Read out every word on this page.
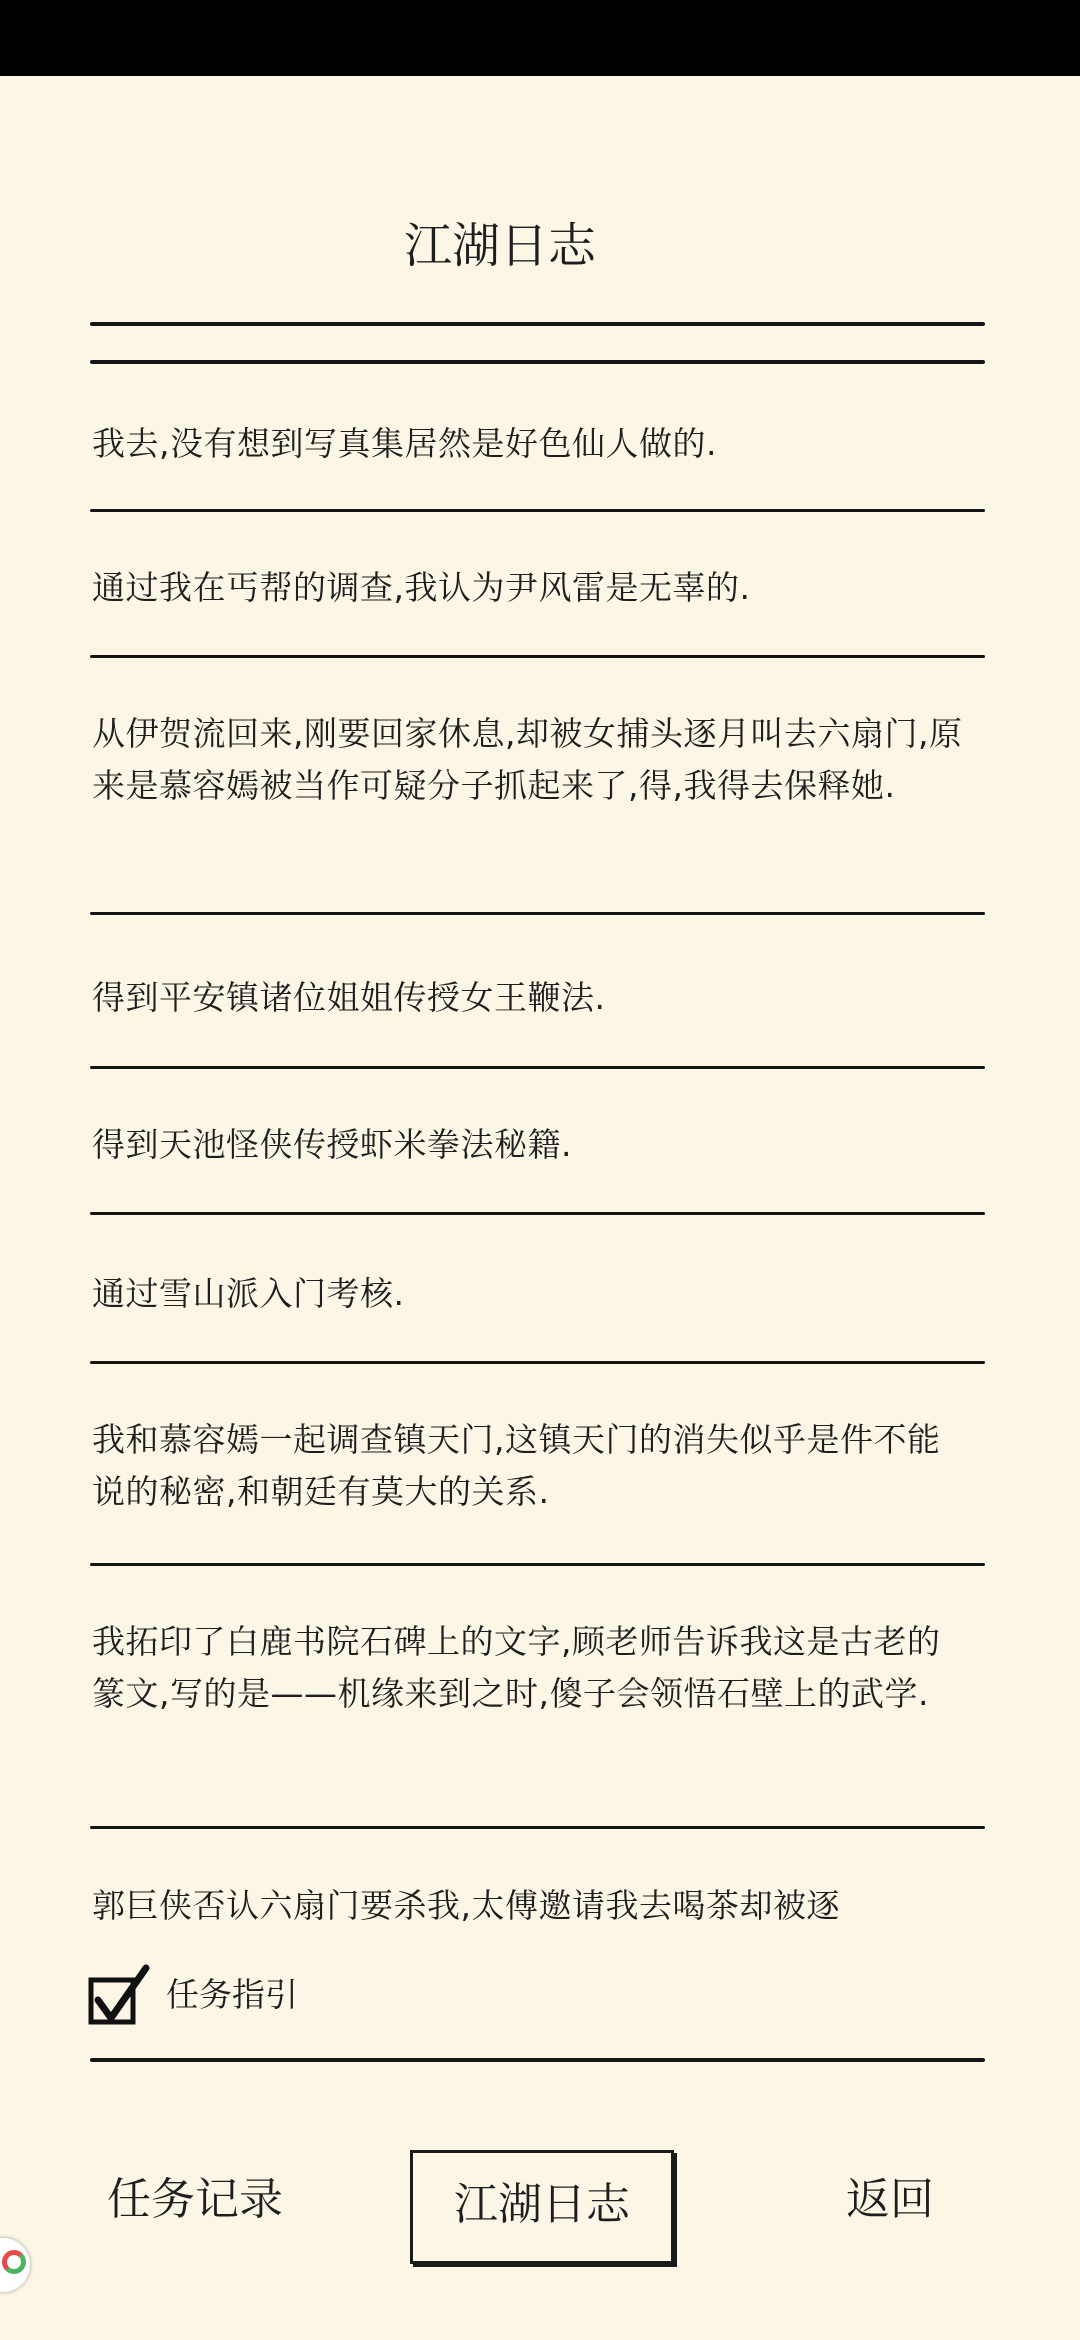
江湖日志
我去,没有想到写真集居然是好色仙人做的.
通过我在丐帮的调查,我认为尹风雷是无辜的.
从伊贺流回来,刚要回家休息,却被女捕头逐月叫去六扇门,原来是慕容嫣被当作可疑分子抓起来了,得,我得去保释她.
得到平安镇诸位姐姐传授女王鞭法.
得到天池怪侠传授虾米拳法秘籍.
通过雪山派入门考核.
我和慕容嫣一起调查镇天门,这镇天门的消失似乎是件不能说的秘密,和朝廷有莫大的关系.
我拓印了白鹿书院石碑上的文字,顾老师告诉我这是古老的篆文,写的是——机缘来到之时,傻子会领悟石壁上的武学.
郭巨侠否认六扇门要杀我,太傅邀请我去喝茶却被逐
任务指引
任务记录	江湖日志	返回
